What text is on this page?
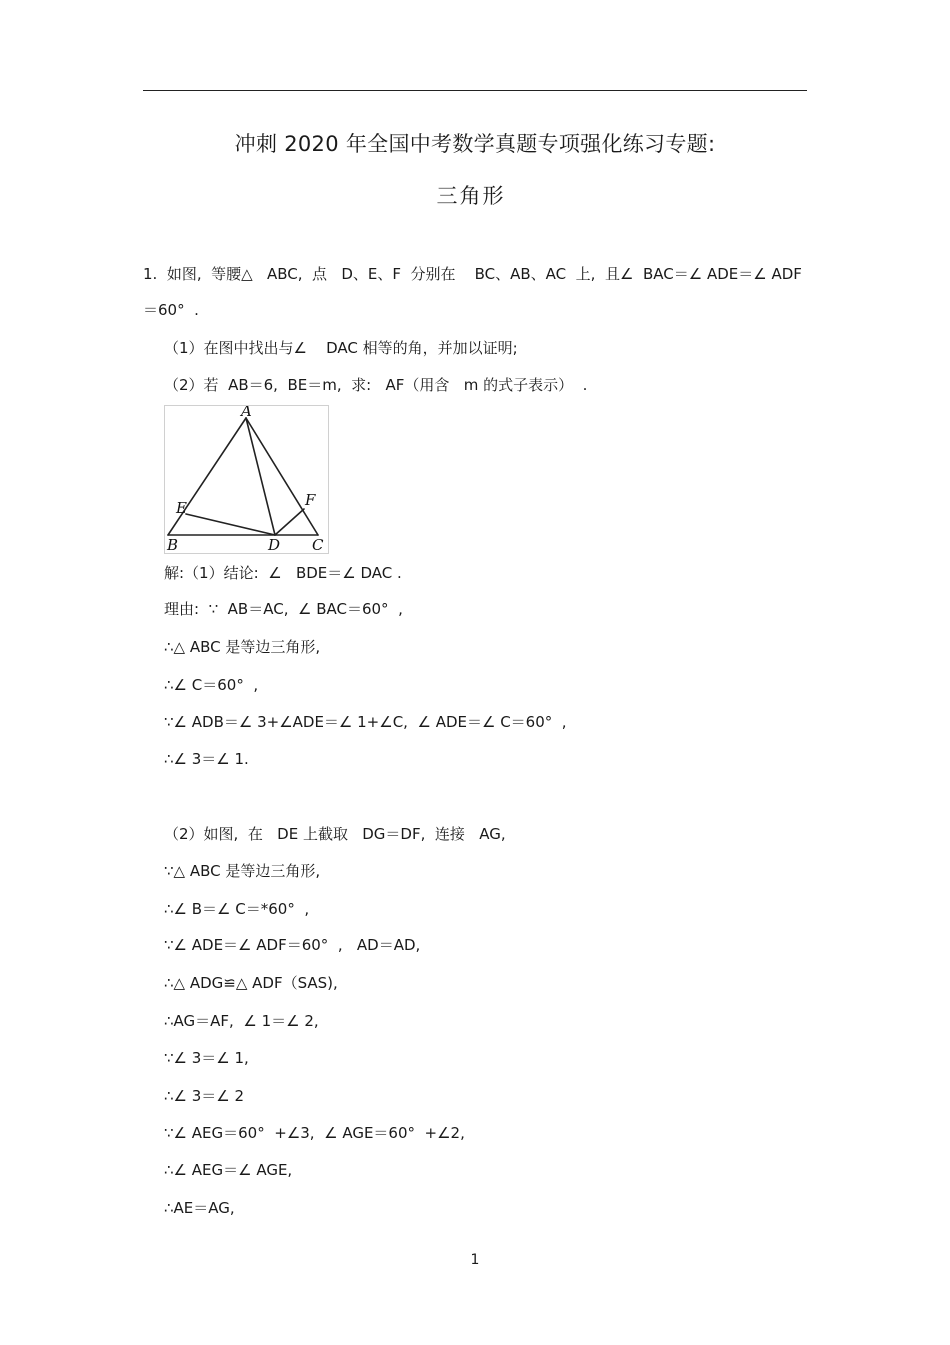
冲刺 2020 年全国中考数学真题专项强化练习专题:
三角形
1.  如图,  等腰△   ABC,  点   D、E、F  分别在    BC、AB、AC  上,  且∠  BAC＝∠ ADE＝∠ ADF
＝60°  .
（1）在图中找出与∠    DAC 相等的角，并加以证明;
（2）若  AB＝6,  BE＝m,  求:   AF（用含   m 的式子表示）  .
A
E	F
B	D C
解:（1）结论:  ∠   BDE＝∠ DAC .
理由:  ∵  AB＝AC,  ∠ BAC＝60°  ,
∴△ ABC 是等边三角形,
∴∠ C＝60°  ,
∵∠ ADB＝∠ 3+∠ADE＝∠ 1+∠C,  ∠ ADE＝∠ C＝60°  ,
∴∠ 3＝∠ 1.
（2）如图,  在   DE 上截取   DG＝DF,  连接   AG,
∵△ ABC 是等边三角形,
∴∠ B＝∠ C＝*60°  ,
∵∠ ADE＝∠ ADF＝60°  ,   AD＝AD,
∴△ ADG≌△ ADF（SAS),
∴AG＝AF,  ∠ 1＝∠ 2,
∵∠ 3＝∠ 1,
∴∠ 3＝∠ 2
∵∠ AEG＝60°  +∠3,  ∠ AGE＝60°  +∠2,
∴∠ AEG＝∠ AGE,
∴AE＝AG,
1
